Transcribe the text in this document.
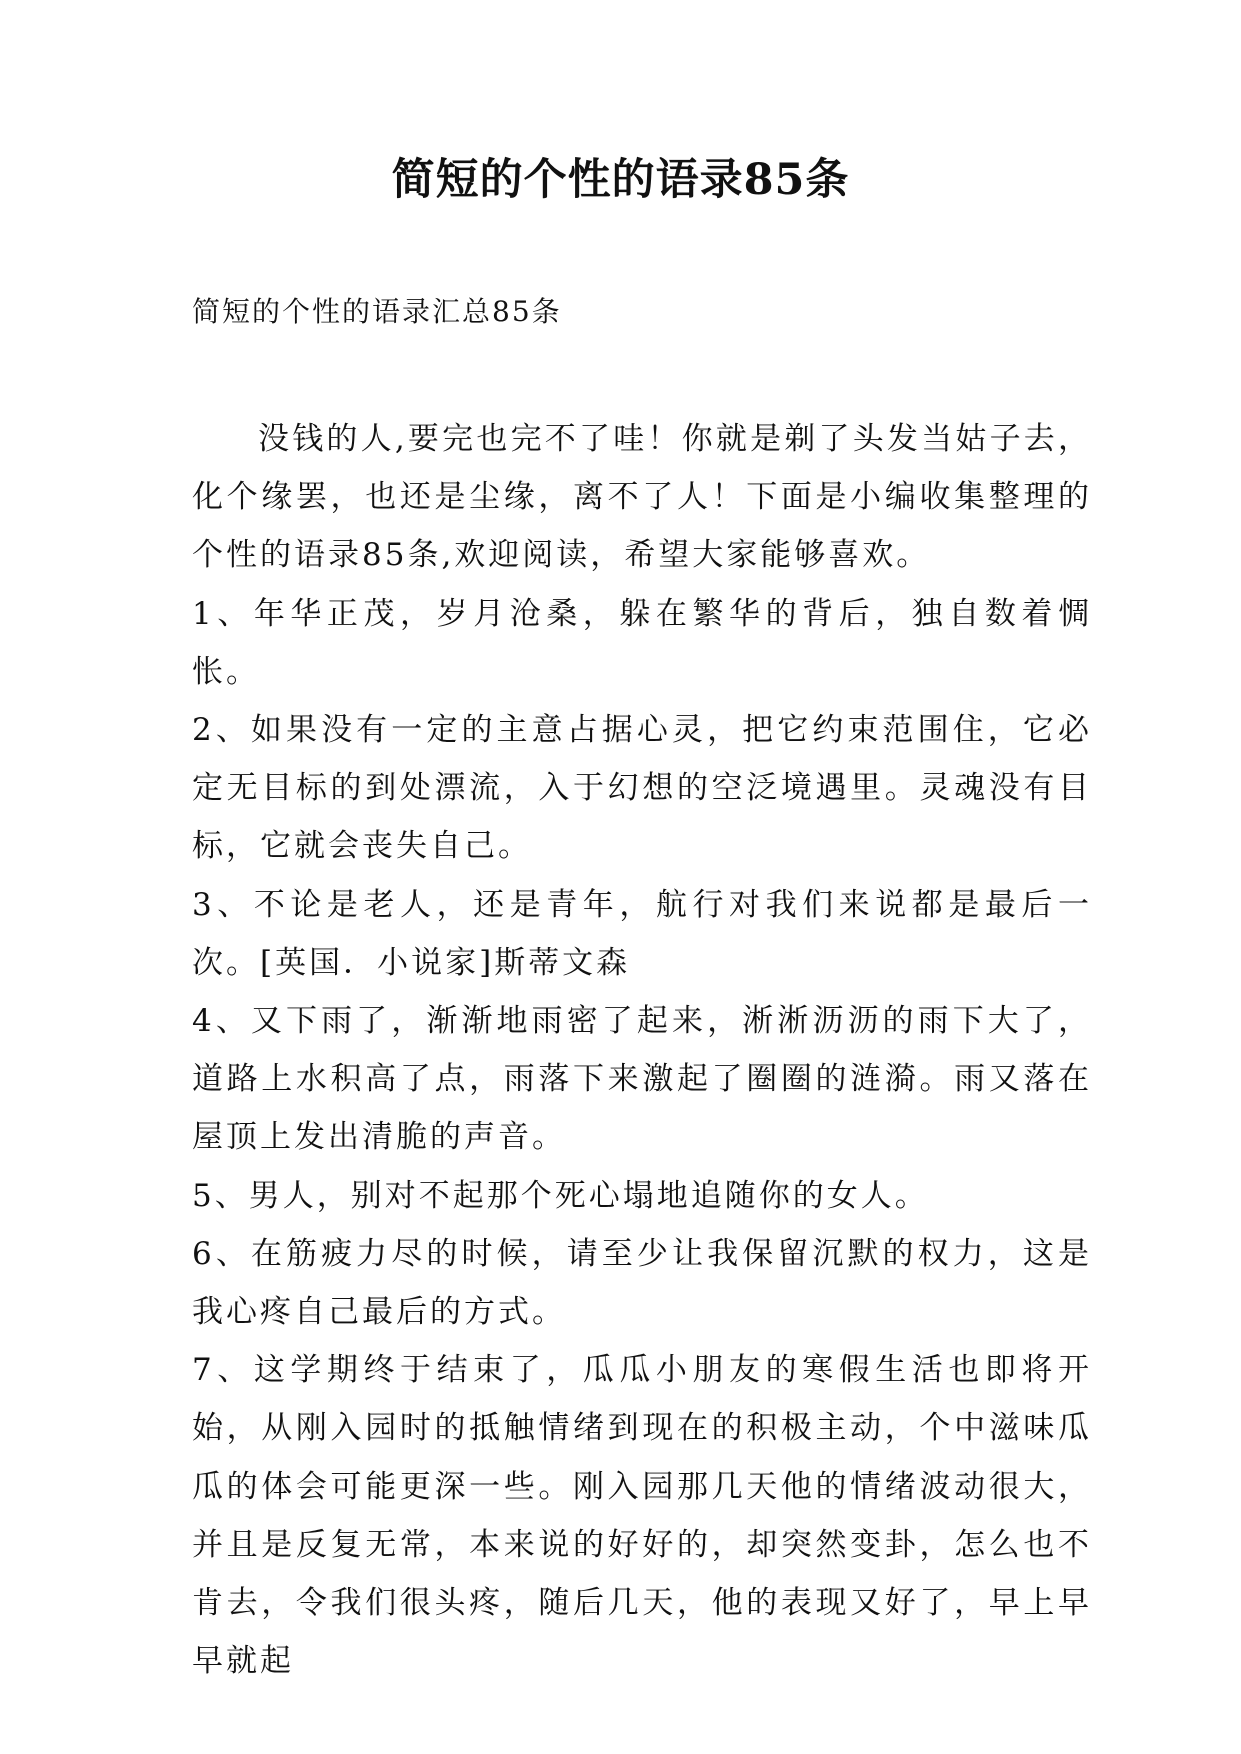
简短的个性的语录85条

简短的个性的语录汇总85条

没钱的人,要完也完不了哇！你就是剃了头发当姑子去，化个缘罢，也还是尘缘，离不了人！下面是小编收集整理的个性的语录85条,欢迎阅读，希望大家能够喜欢。

1、年华正茂，岁月沧桑，躲在繁华的背后，独自数着惆怅。

2、如果没有一定的主意占据心灵，把它约束范围住，它必定无目标的到处漂流，入于幻想的空泛境遇里。灵魂没有目标，它就会丧失自己。

3、不论是老人，还是青年，航行对我们来说都是最后一次。[英国．小说家]斯蒂文森

4、又下雨了，渐渐地雨密了起来，淅淅沥沥的雨下大了，道路上水积高了点，雨落下来激起了圈圈的涟漪。雨又落在屋顶上发出清脆的声音。

5、男人，别对不起那个死心塌地追随你的女人。

6、在筋疲力尽的时候，请至少让我保留沉默的权力，这是我心疼自己最后的方式。

7、这学期终于结束了，瓜瓜小朋友的寒假生活也即将开始，从刚入园时的抵触情绪到现在的积极主动，个中滋味瓜瓜的体会可能更深一些。刚入园那几天他的情绪波动很大，并且是反复无常，本来说的好好的，却突然变卦，怎么也不肯去，令我们很头疼，随后几天，他的表现又好了，早上早早就起
